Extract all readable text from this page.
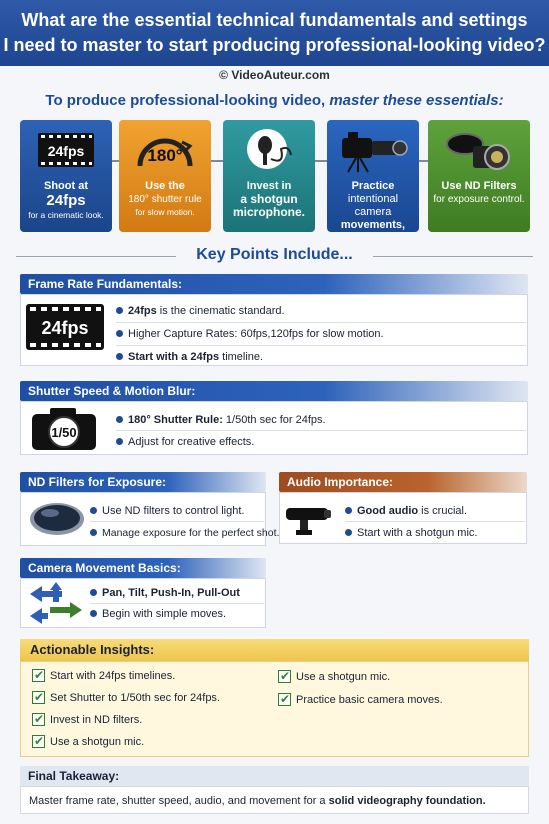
What are the essential technical fundamentals and settings
I need to master to start producing professional-looking video?
© VideoAuteur.com
To produce professional-looking video, master these essentials:
24fps
Shoot at
24fps
for a cinematic look.
180°
Use the
180° shutter rule
for slow motion.
Invest in
a shotgun
microphone.
Practice
intentional camera
movements,
Use ND Filters
for exposure control.
Key Points Include...
Frame Rate Fundamentals:
24fps
24fps is the cinematic standard.
Higher Capture Rates: 60fps,120fps for slow motion.
Start with a 24fps timeline.
Shutter Speed & Motion Blur:
1/50
180° Shutter Rule: 1/50th sec for 24fps.
Adjust for creative effects.
ND Filters for Exposure:
Use ND filters to control light.
Manage exposure for the perfect shot.
Audio Importance:
Good audio is crucial.
Start with a shotgun mic.
Camera Movement Basics:
Pan, Tilt, Push-In, Pull-Out
Begin with simple moves.
Actionable Insights:
✔
Start with 24fps timelines.
✔
Set Shutter to 1/50th sec for 24fps.
✔
Invest in ND filters.
✔
Use a shotgun mic.
✔
Use a shotgun mic.
✔
Practice basic camera moves.
Final Takeaway:
Master frame rate, shutter speed, audio, and movement for a solid videography foundation.
